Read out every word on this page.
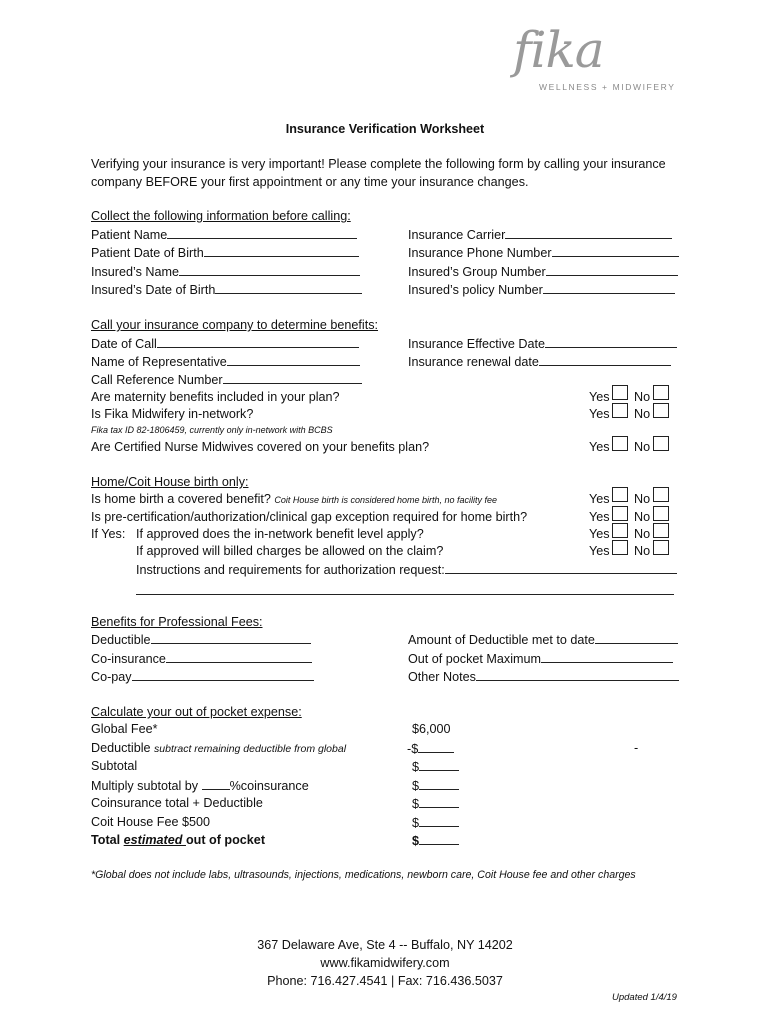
fika
WELLNESS + MIDWIFERY
Insurance Verification Worksheet
Verifying your insurance is very important! Please complete the following form by calling your insurance
company BEFORE your first appointment or any time your insurance changes.
Collect the following information before calling:
Patient Name
Patient Date of Birth
Insured’s Name
Insured’s Date of Birth
Insurance Carrier
Insurance Phone Number
Insured’s Group Number
Insured’s policy Number
Call your insurance company to determine benefits:
Date of Call
Name of Representative
Call Reference Number
Insurance Effective Date
Insurance renewal date
Are maternity benefits included in your plan?
Is Fika Midwifery in-network?
Fika tax ID 82-1806459, currently only in-network with BCBS
Are Certified Nurse Midwives covered on your benefits plan?
Yes No
Yes No
Yes No
Home/Coit House birth only:
Is home birth a covered benefit? Coit House birth is considered home birth, no facility fee
Is pre-certification/authorization/clinical gap exception required for home birth?
If Yes: If approved does the in-network benefit level apply?
If approved will billed charges be allowed on the claim?
Instructions and requirements for authorization request:
Yes No
Yes No
Yes No
Yes No
Benefits for Professional Fees:
Deductible
Co-insurance
Co-pay
Amount of Deductible met to date
Out of pocket Maximum
Other Notes
Calculate your out of pocket expense:
Global Fee*
Deductible subtract remaining deductible from global
Subtotal
Multiply subtotal by %coinsurance
Coinsurance total + Deductible
Coit House Fee $500
Total estimated out of pocket
$6,000
-$	-
$
$
$
$
$
*Global does not include labs, ultrasounds, injections, medications, newborn care, Coit House fee and other charges
367 Delaware Ave, Ste 4 -- Buffalo, NY 14202
www.fikamidwifery.com
Phone: 716.427.4541 | Fax: 716.436.5037
Updated 1/4/19
